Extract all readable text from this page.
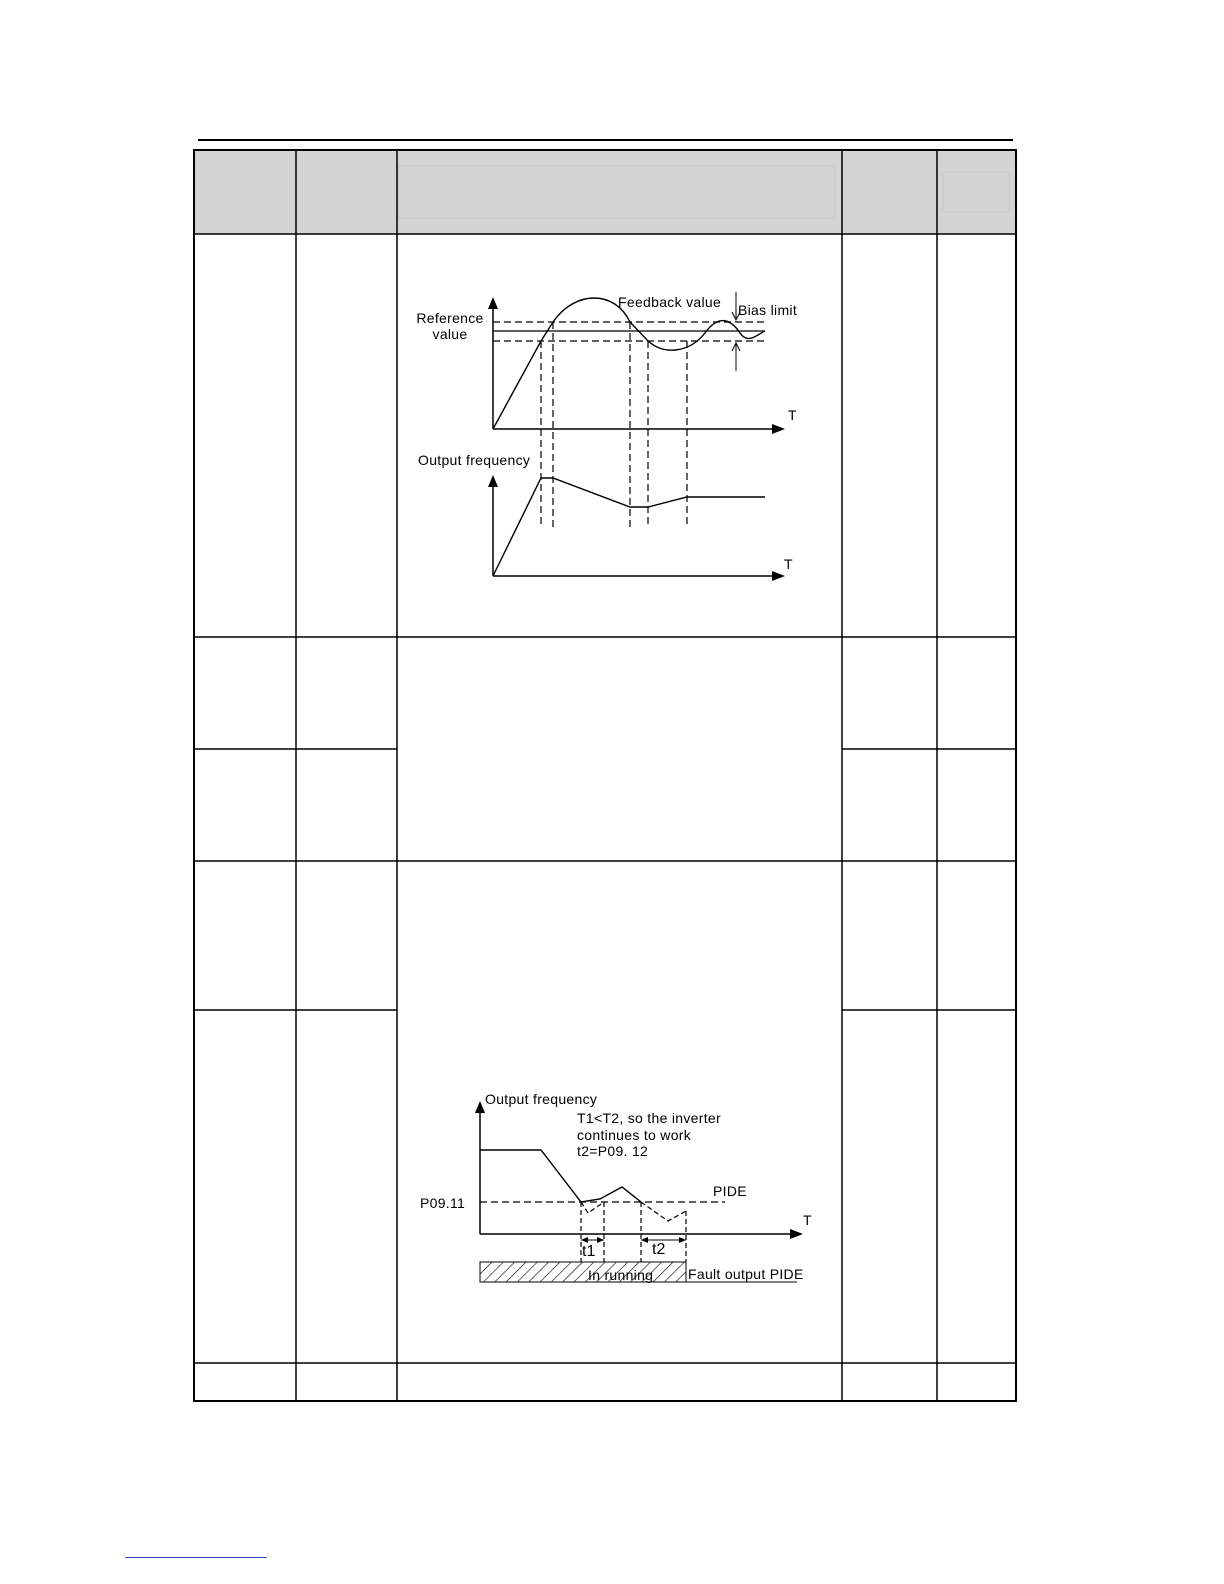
Reference
value
Feedback value Bias limit
T
Output frequency
T
Output frequency
T1<T2, so the inverter
continues to work
t2=P09. 12
PIDE
P09.11
T
t1	t2
In running Fault output PIDE
